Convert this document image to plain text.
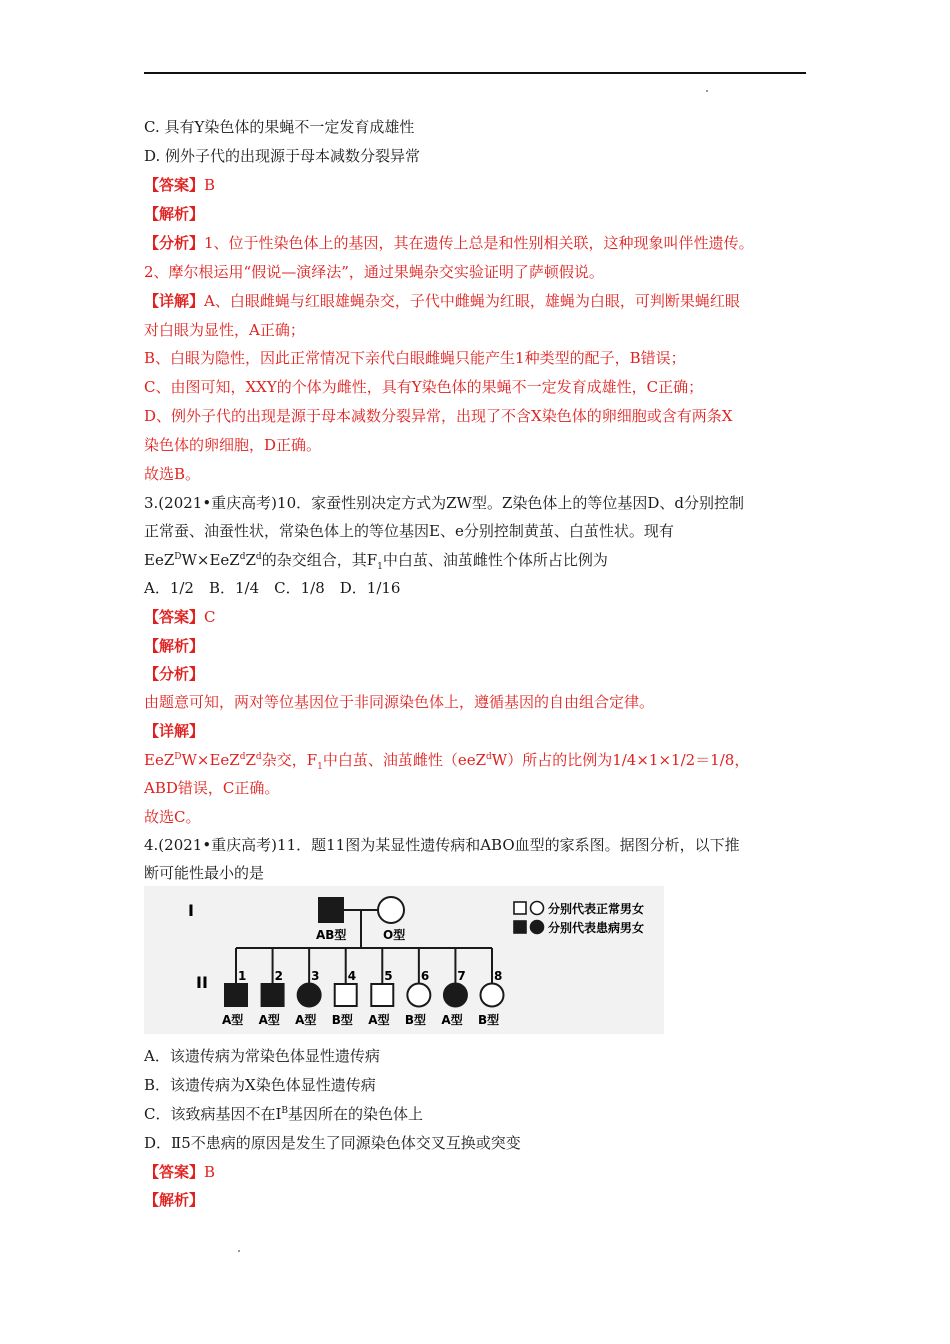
C. 具有Y染色体的果蝇不一定发育成雄性
D. 例外子代的出现源于母本减数分裂异常
【答案】B
【解析】
【分析】1、位于性染色体上的基因，其在遗传上总是和性别相关联，这种现象叫伴性遗传。
2、摩尔根运用“假说—演绎法”，通过果蝇杂交实验证明了萨顿假说。
【详解】A、白眼雌蝇与红眼雄蝇杂交，子代中雌蝇为红眼，雄蝇为白眼，可判断果蝇红眼
对白眼为显性，A正确；
B、白眼为隐性，因此正常情况下亲代白眼雌蝇只能产生1种类型的配子，B错误；
C、由图可知，XXY的个体为雌性，具有Y染色体的果蝇不一定发育成雄性，C正确；
D、例外子代的出现是源于母本减数分裂异常，出现了不含X染色体的卵细胞或含有两条X
染色体的卵细胞，D正确。
故选B。
3.(2021•重庆高考)10．家蚕性别决定方式为ZW型。Z染色体上的等位基因D、d分别控制
正常蚕、油蚕性状，常染色体上的等位基因E、e分别控制黄茧、白茧性状。现有
$EeZ^DW\times EeZ^dZ^d$的杂交组合，其$F_1$中白茧、油茧雌性个体所占比例为
A．1/2　B．1/4　C．1/8　D．1/16
【答案】C
【解析】
【分析】
由题意可知，两对等位基因位于非同源染色体上，遵循基因的自由组合定律。
【详解】
$EeZ^DW\times EeZ^dZ^d$杂交，$F_1$中白茧、油茧雌性（eeZ$^d$W）所占的比例为1/4×1×1/2＝1/8，
ABD错误，C正确。
故选C。
4.(2021•重庆高考)11．题11图为某显性遗传病和ABO血型的家系图。据图分析，以下推
断可能性最小的是
I
II
AB型	O型
1
A型
2
A型
3
A型
4
B型
5
A型
6
B型
7
A型
8
B型
分别代表正常男女
分别代表患病男女
A．该遗传病为常染色体显性遗传病
B．该遗传病为X染色体显性遗传病
C．该致病基因不在Ⅰ$^B$基因所在的染色体上
D．Ⅱ5不患病的原因是发生了同源染色体交叉互换或突变
【答案】B
【解析】
